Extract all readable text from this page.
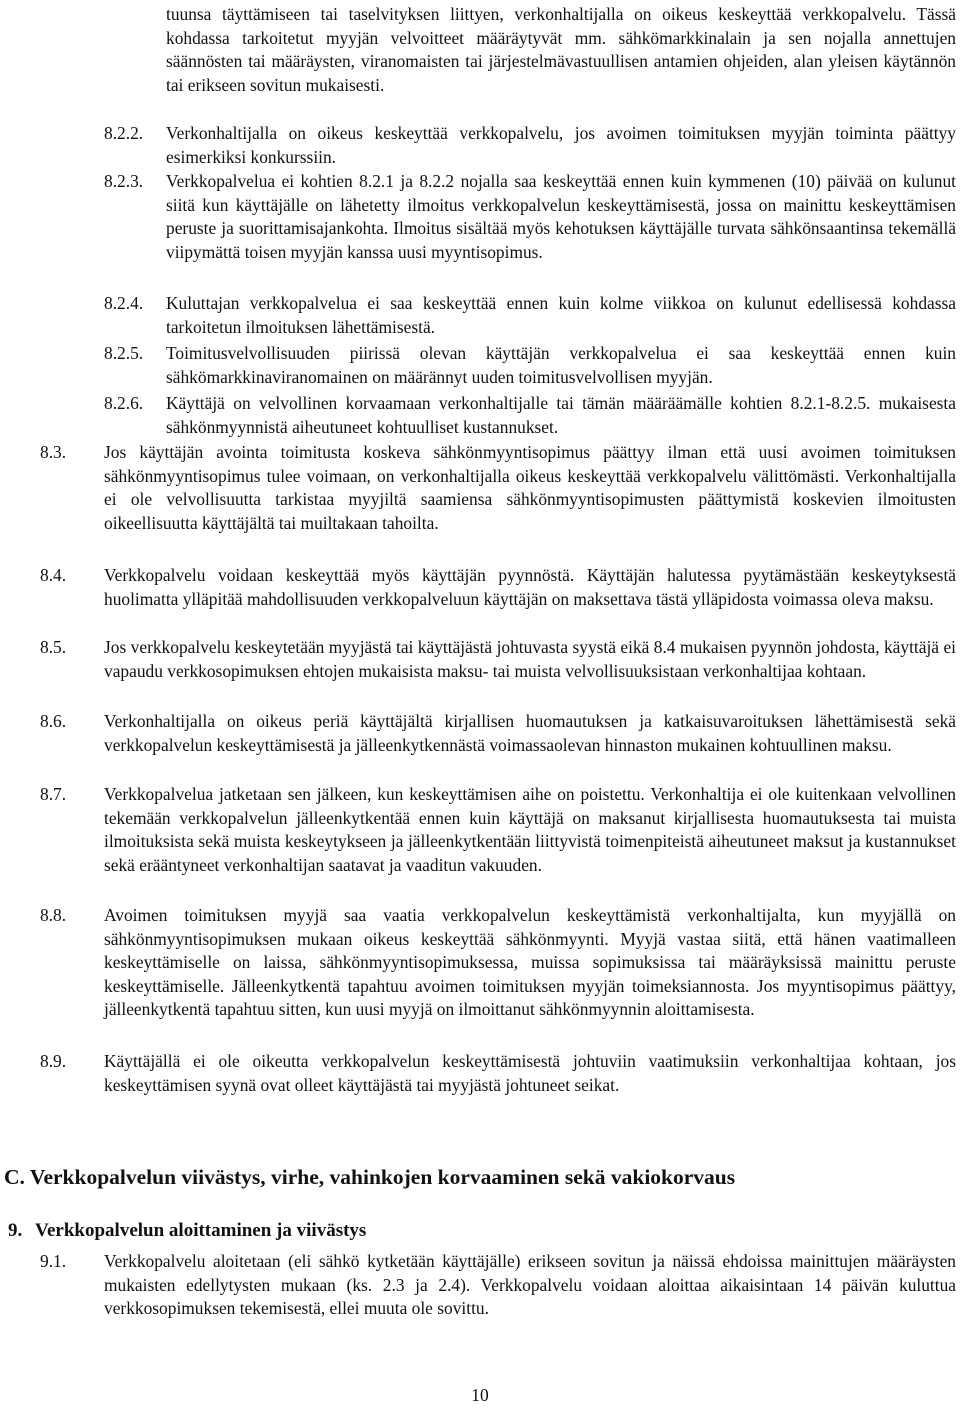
tuunsa täyttämiseen tai taselvityksen liittyen, verkonhaltijalla on oikeus keskeyttää verkkopalvelu. Tässä kohdassa tarkoitetut myyjän velvoitteet määräytyvät mm. sähkömarkkinalain ja sen nojalla annettujen säännösten tai määräysten, viranomaisten tai järjestelmävastuullisen antamien ohjeiden, alan yleisen käytännön tai erikseen sovitun mukaisesti.
8.2.2. Verkonhaltijalla on oikeus keskeyttää verkkopalvelu, jos avoimen toimituksen myyjän toiminta päättyy esimerkiksi konkurssiin.
8.2.3. Verkkopalvelua ei kohtien 8.2.1 ja 8.2.2 nojalla saa keskeyttää ennen kuin kymmenen (10) päivää on kulunut siitä kun käyttäjälle on lähetetty ilmoitus verkkopalvelun keskeyttämisestä, jossa on mainittu keskeyttämisen peruste ja suorittamisajankohta. Ilmoitus sisältää myös kehotuksen käyttäjälle turvata sähkönsaantinsa tekemällä viipymättä toisen myyjän kanssa uusi myyntisopimus.
8.2.4. Kuluttajan verkkopalvelua ei saa keskeyttää ennen kuin kolme viikkoa on kulunut edellisessä kohdassa tarkoitetun ilmoituksen lähettämisestä.
8.2.5. Toimitusvelvollisuuden piirissä olevan käyttäjän verkkopalvelua ei saa keskeyttää ennen kuin sähkömarkkinaviranomainen on määrännyt uuden toimitusvelvollisen myyjän.
8.2.6. Käyttäjä on velvollinen korvaamaan verkonhaltijalle tai tämän määräämälle kohtien 8.2.1-8.2.5. mukaisesta sähkönmyynnistä aiheutuneet kohtuulliset kustannukset.
8.3. Jos käyttäjän avointa toimitusta koskeva sähkönmyyntisopimus päättyy ilman että uusi avoimen toimituksen sähkönmyyntisopimus tulee voimaan, on verkonhaltijalla oikeus keskeyttää verkkopalvelu välittömästi. Verkonhaltijalla ei ole velvollisuutta tarkistaa myyjiltä saamiensa sähkönmyyntisopimusten päättymistä koskevien ilmoitusten oikeellisuutta käyttäjältä tai muiltakaan tahoilta.
8.4. Verkkopalvelu voidaan keskeyttää myös käyttäjän pyynnöstä. Käyttäjän halutessa pyytämästään keskeytyksestä huolimatta ylläpitää mahdollisuuden verkkopalveluun käyttäjän on maksettava tästä ylläpidosta voimassa oleva maksu.
8.5. Jos verkkopalvelu keskeytetään myyjästä tai käyttäjästä johtuvasta syystä eikä 8.4 mukaisen pyynnön johdosta, käyttäjä ei vapaudu verkkosopimuksen ehtojen mukaisista maksu- tai muista velvollisuuksistaan verkonhaltijaa kohtaan.
8.6. Verkonhaltijalla on oikeus periä käyttäjältä kirjallisen huomautuksen ja katkaisuvaroituksen lähettämisestä sekä verkkopalvelun keskeyttämisestä ja jälleenkytkennästä voimassaolevan hinnaston mukainen kohtuullinen maksu.
8.7. Verkkopalvelua jatketaan sen jälkeen, kun keskeyttämisen aihe on poistettu. Verkonhaltija ei ole kuitenkaan velvollinen tekemään verkkopalvelun jälleenkytkentää ennen kuin käyttäjä on maksanut kirjallisesta huomautuksesta tai muista ilmoituksista sekä muista keskeytykseen ja jälleenkytkentään liittyvistä toimenpiteistä aiheutuneet maksut ja kustannukset sekä erääntyneet verkonhaltijan saatavat ja vaaditun vakuuden.
8.8. Avoimen toimituksen myyjä saa vaatia verkkopalvelun keskeyttämistä verkonhaltijalta, kun myyjällä on sähkönmyyntisopimuksen mukaan oikeus keskeyttää sähkönmyynti. Myyjä vastaa siitä, että hänen vaatimalleen keskeyttämiselle on laissa, sähkönmyyntisopimuksessa, muissa sopimuksissa tai määräyksissä mainittu peruste keskeyttämiselle. Jälleenkytkentä tapahtuu avoimen toimituksen myyjän toimeksiannosta. Jos myyntisopimus päättyy, jälleenkytkentä tapahtuu sitten, kun uusi myyjä on ilmoittanut sähkönmyynnin aloittamisesta.
8.9. Käyttäjällä ei ole oikeutta verkkopalvelun keskeyttämisestä johtuviin vaatimuksiin verkonhaltijaa kohtaan, jos keskeyttämisen syynä ovat olleet käyttäjästä tai myyjästä johtuneet seikat.
C. Verkkopalvelun viivästys, virhe, vahinkojen korvaaminen sekä vakiokorvaus
9. Verkkopalvelun aloittaminen ja viivästys
9.1. Verkkopalvelu aloitetaan (eli sähkö kytketään käyttäjälle) erikseen sovitun ja näissä ehdoissa mainittujen määräysten mukaisten edellytysten mukaan (ks. 2.3 ja 2.4). Verkkopalvelu voidaan aloittaa aikaisintaan 14 päivän kuluttua verkkosopimuksen tekemisestä, ellei muuta ole sovittu.
10
